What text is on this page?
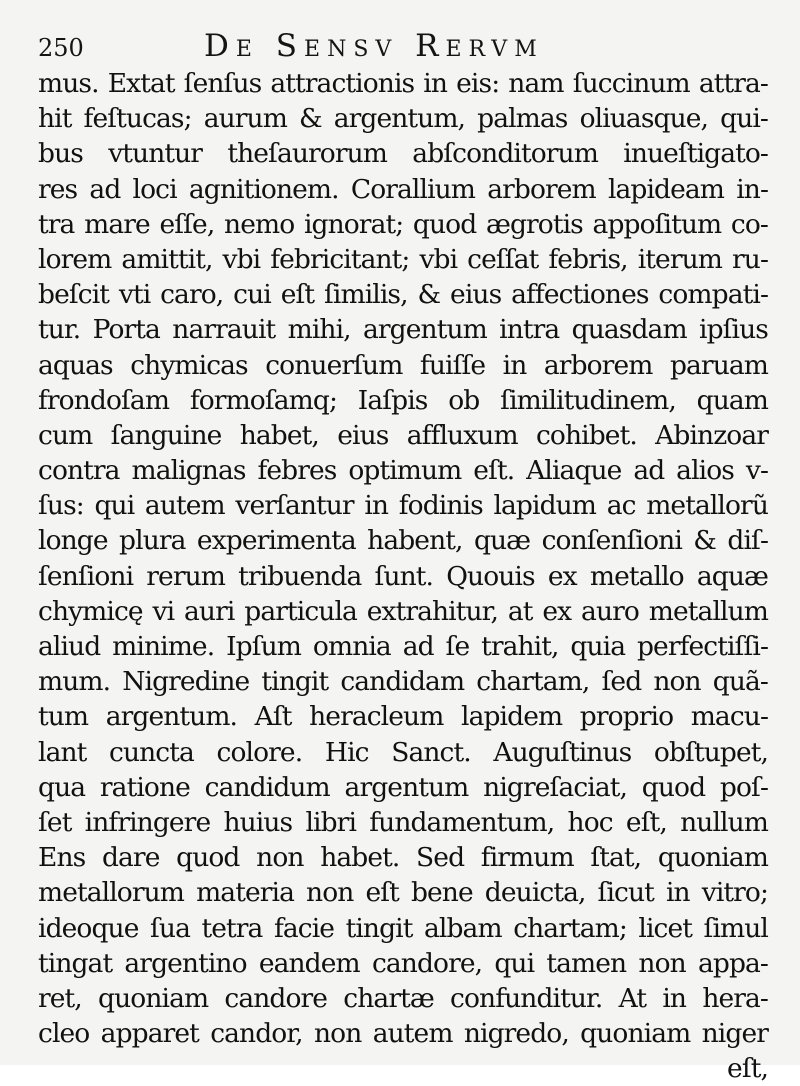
250	De Sensv Rervm
mus. Extat ſenſus attractionis in eis: nam ſuccinum attra-
hit feſtucas; aurum & argentum, palmas oliuasque, qui-
bus vtuntur theſaurorum abſconditorum inueſtigato-
res ad loci agnitionem. Corallium arborem lapideam in-
tra mare eſſe, nemo ignorat; quod ægrotis appoſitum co-
lorem amittit, vbi febricitant; vbi ceſſat febris, iterum ru-
beſcit vti caro, cui eſt ſimilis, & eius affectiones compati-
tur. Porta narrauit mihi, argentum intra quasdam ipſius
aquas chymicas conuerſum fuiſſe in arborem paruam
frondoſam formoſamq; Iaſpis ob ſimilitudinem, quam
cum ſanguine habet, eius affluxum cohibet. Abinzoar
contra malignas febres optimum eſt. Aliaque ad alios v-
ſus: qui autem verſantur in fodinis lapidum ac metallorũ
longe plura experimenta habent, quæ conſenſioni & diſ-
ſenſioni rerum tribuenda ſunt. Quouis ex metallo aquæ
chymicę vi auri particula extrahitur, at ex auro metallum
aliud minime. Ipſum omnia ad ſe trahit, quia perfectiſſi-
mum. Nigredine tingit candidam chartam, ſed non quã-
tum argentum. Aſt heracleum lapidem proprio macu-
lant cuncta colore. Hic Sanct. Auguſtinus obſtupet,
qua ratione candidum argentum nigreſaciat, quod poſ-
ſet infringere huius libri fundamentum, hoc eſt, nullum
Ens dare quod non habet. Sed firmum ſtat, quoniam
metallorum materia non eſt bene deuicta, ſicut in vitro;
ideoque ſua tetra facie tingit albam chartam; licet ſimul
tingat argentino eandem candore, qui tamen non appa-
ret, quoniam candore chartæ confunditur. At in hera-
cleo apparet candor, non autem nigredo, quoniam niger
eſt,
